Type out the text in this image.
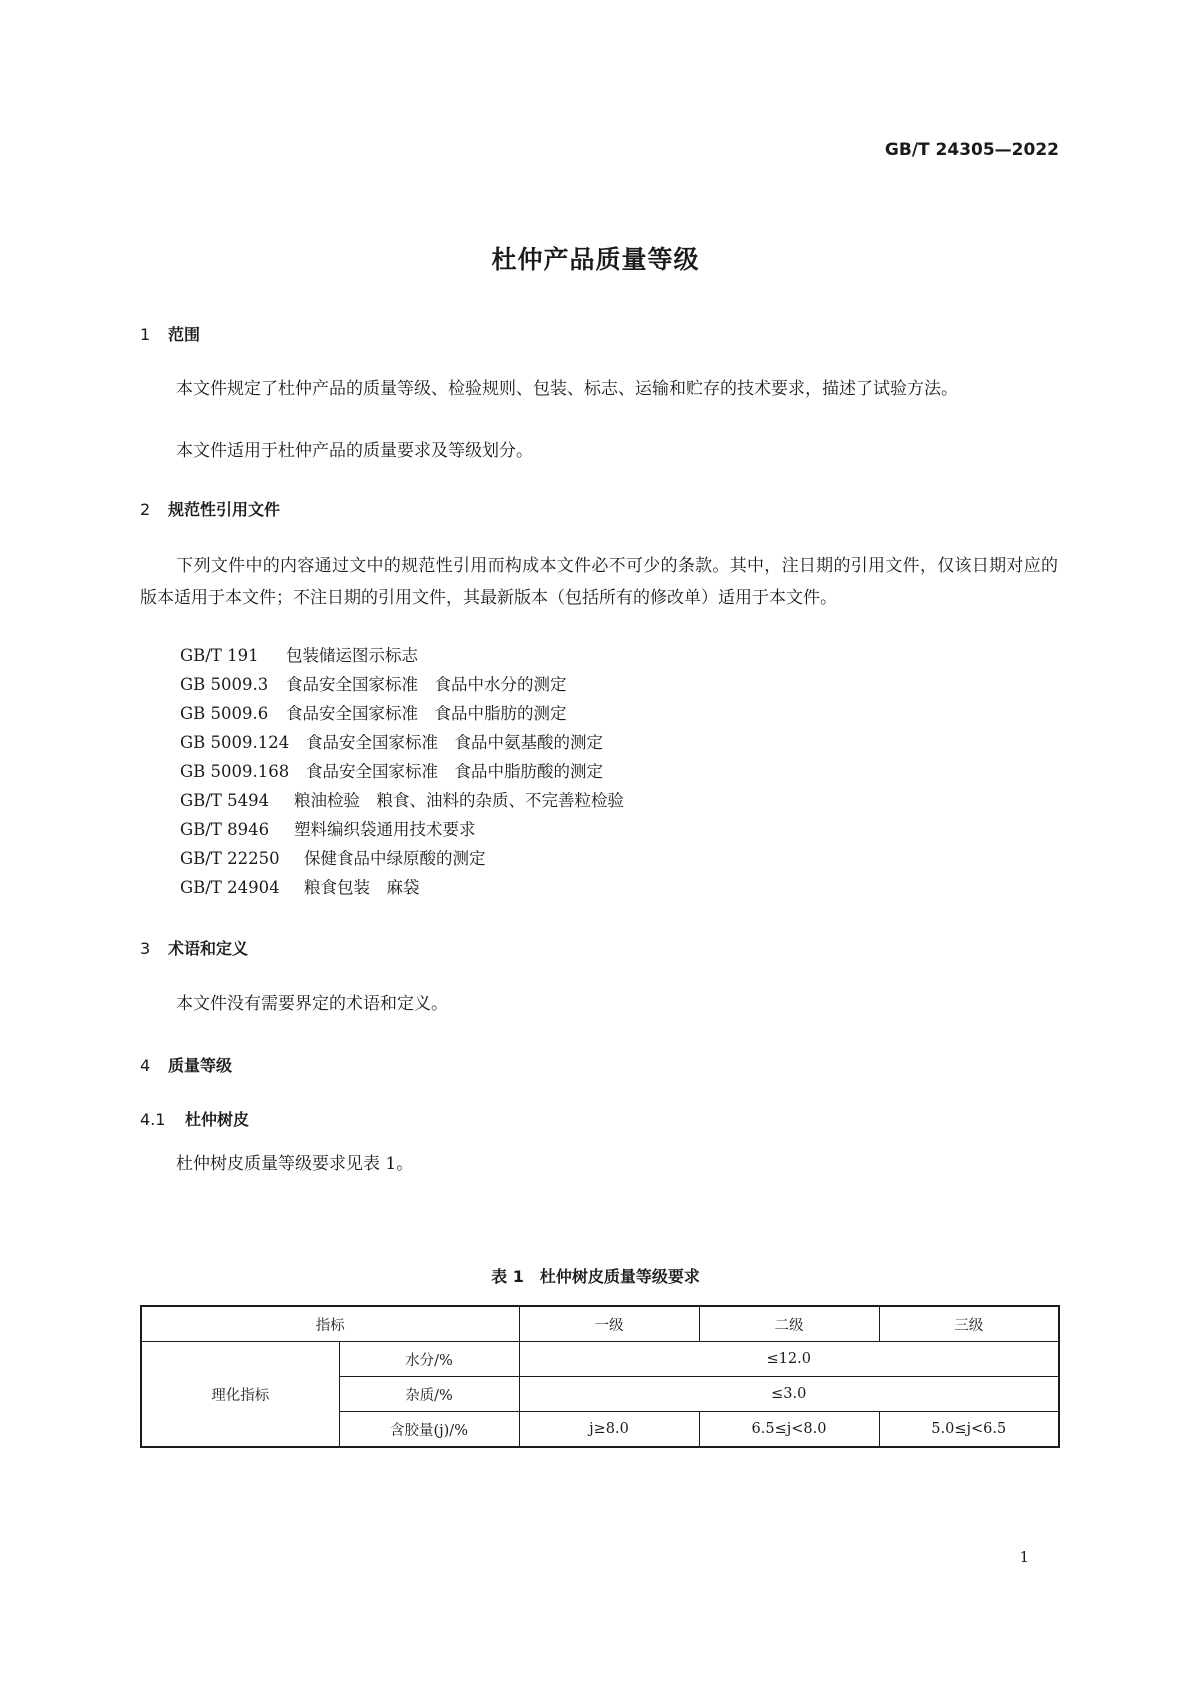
GB/T 24305—2022
杜仲产品质量等级
1 范围
本文件规定了杜仲产品的质量等级、检验规则、包装、标志、运输和贮存的技术要求，描述了试验方法。
本文件适用于杜仲产品的质量要求及等级划分。
2 规范性引用文件
下列文件中的内容通过文中的规范性引用而构成本文件必不可少的条款。其中，注日期的引用文件，仅该日期对应的版本适用于本文件；不注日期的引用文件，其最新版本（包括所有的修改单）适用于本文件。
GB/T 191 包装储运图示标志
GB 5009.3 食品安全国家标准　食品中水分的测定
GB 5009.6 食品安全国家标准　食品中脂肪的测定
GB 5009.124 食品安全国家标准　食品中氨基酸的测定
GB 5009.168 食品安全国家标准　食品中脂肪酸的测定
GB/T 5494 粮油检验　粮食、油料的杂质、不完善粒检验
GB/T 8946 塑料编织袋通用技术要求
GB/T 22250 保健食品中绿原酸的测定
GB/T 24904 粮食包装　麻袋
3 术语和定义
本文件没有需要界定的术语和定义。
4 质量等级
4.1 杜仲树皮
杜仲树皮质量等级要求见表 1。
表 1　杜仲树皮质量等级要求
指标		一级	二级	三级
理化指标	水分/%	≤12.0		
	杂质/%	≤3.0		
	含胶量(j)/%	j≥8.0	6.5≤j<8.0	5.0≤j<6.5
1
